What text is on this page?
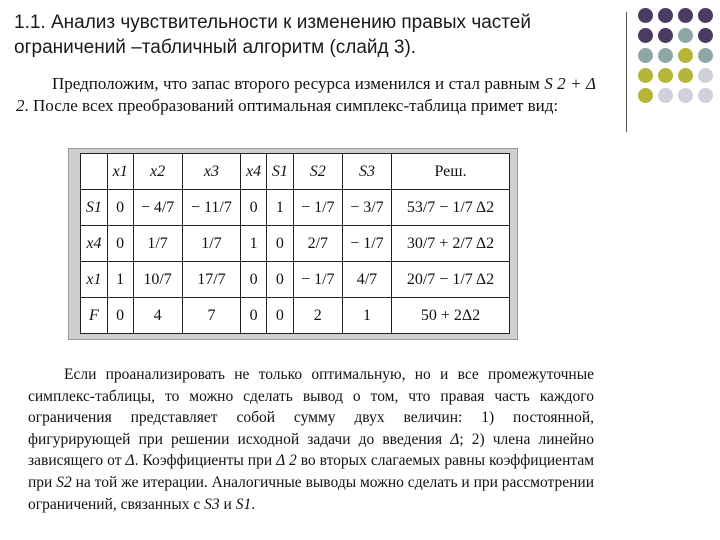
1.1. Анализ чувствительности к изменению правых частей ограничений –табличный алгоритм (слайд 3).
Предположим, что запас второго ресурса изменился и стал равным S 2 + Δ 2. После всех преобразований оптимальная симплекс-таблица примет вид:
	x1	x2	x3	x4	S1	S2	S3	Реш.
S1	0	− 4/7	− 11/7	0	1	− 1/7	− 3/7	53/7 − 1/7 Δ2
x4	0	1/7	1/7	1	0	2/7	− 1/7	30/7 + 2/7 Δ2
x1	1	10/7	17/7	0	0	− 1/7	4/7	20/7 − 1/7 Δ2
F	0	4	7	0	0	2	1	50 + 2Δ2
Если проанализировать не только оптимальную, но и все промежуточные симплекс-таблицы, то можно сделать вывод о том, что правая часть каждого ограничения представляет собой сумму двух величин: 1) постоянной, фигурирующей при решении исходной задачи до введения Δ; 2) члена линейно зависящего от Δ. Коэффициенты при Δ 2 во вторых слагаемых равны коэффициентам при S2 на той же итерации. Аналогичные выводы можно сделать и при рассмотрении ограничений, связанных с S3 и S1.
